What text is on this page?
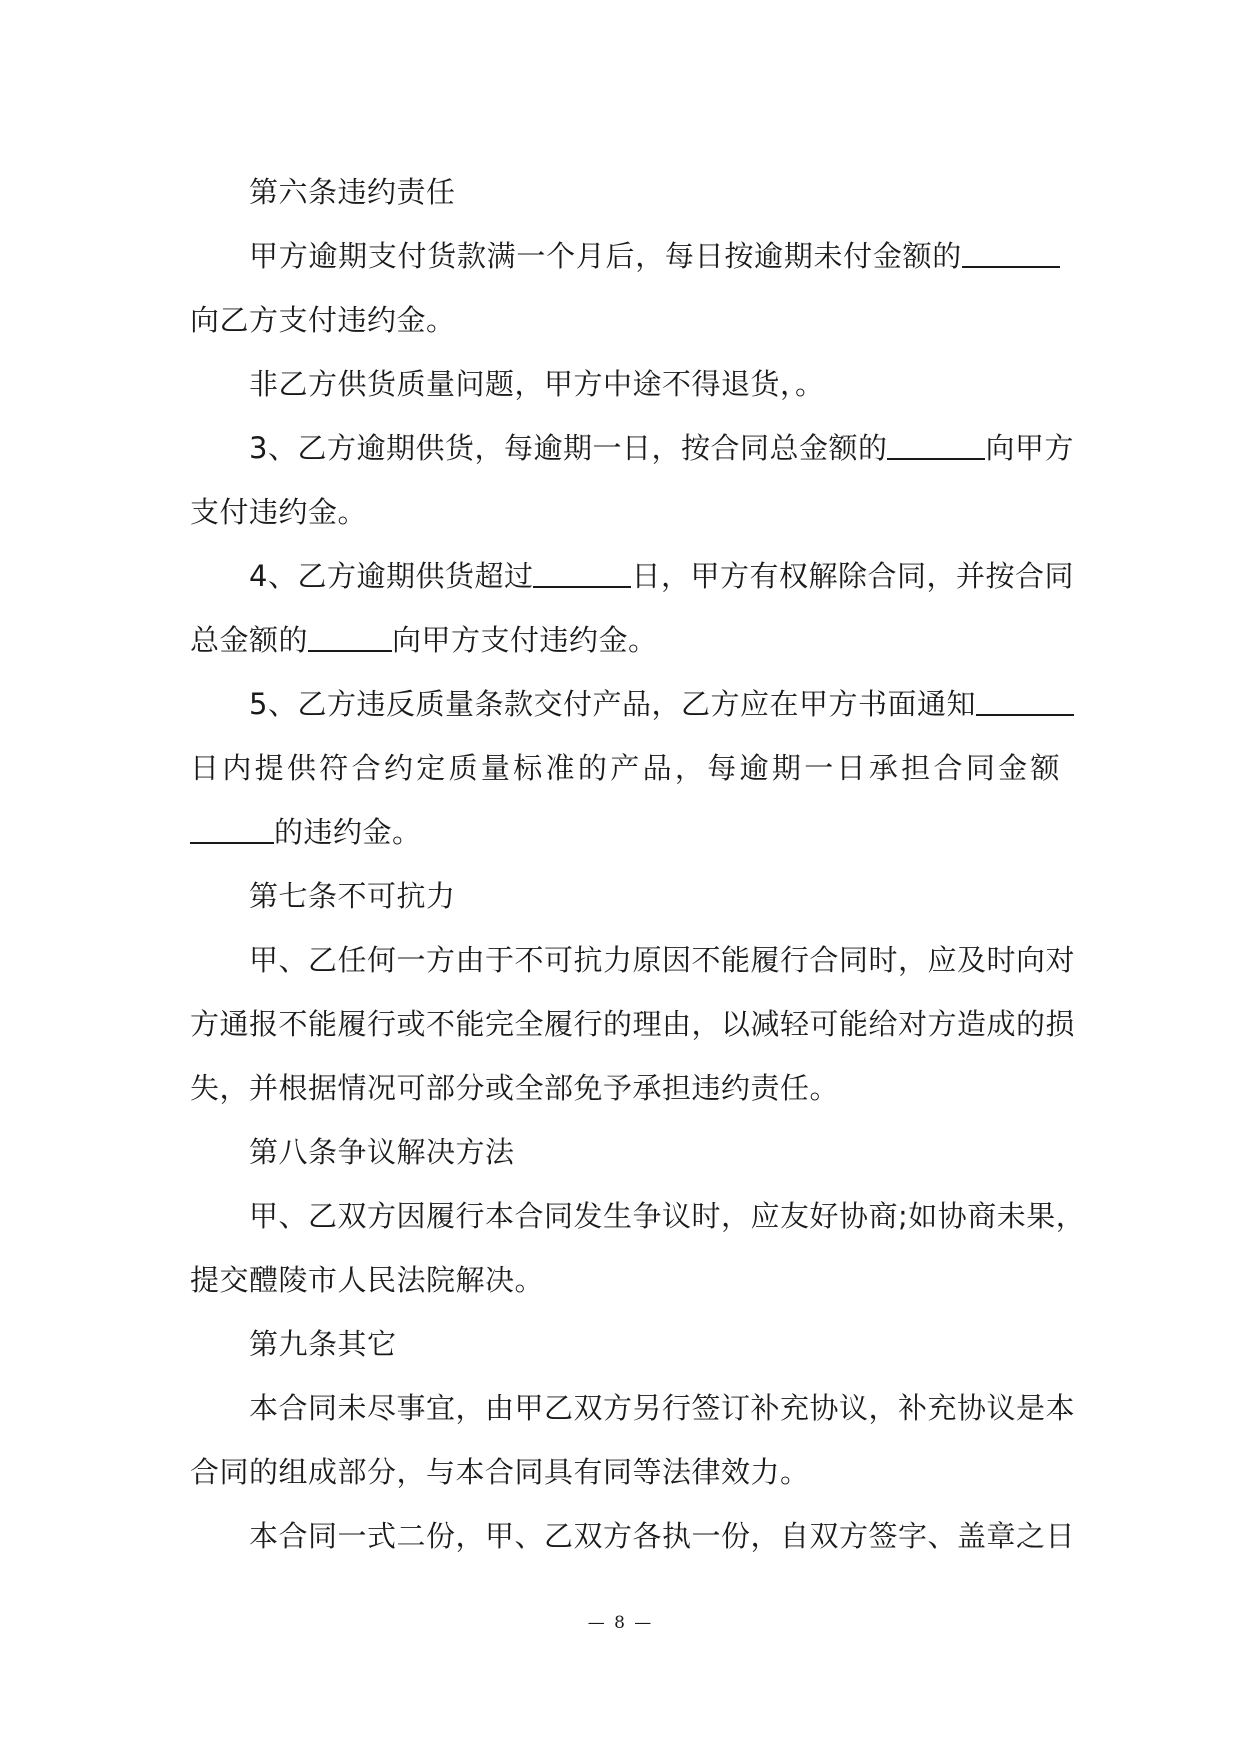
第六条违约责任
甲方逾期支付货款满一个月后，每日按逾期未付金额的
向乙方支付违约金。
非乙方供货质量问题，甲方中途不得退货，。
3、乙方逾期供货，每逾期一日，按合同总金额的	向甲方
支付违约金。
4、乙方逾期供货超过	日，甲方有权解除合同，并按合同
总金额的	向甲方支付违约金。
5、乙方违反质量条款交付产品，乙方应在甲方书面通知
日内提供符合约定质量标准的产品，每逾期一日承担合同金额
的违约金。
第七条不可抗力
甲、乙任何一方由于不可抗力原因不能履行合同时，应及时向对
方通报不能履行或不能完全履行的理由，以减轻可能给对方造成的损
失，并根据情况可部分或全部免予承担违约责任。
第八条争议解决方法
甲、乙双方因履行本合同发生争议时，应友好协商;如协商未果，
提交醴陵市人民法院解决。
第九条其它
本合同未尽事宜，由甲乙双方另行签订补充协议，补充协议是本
合同的组成部分，与本合同具有同等法律效力。
本合同一式二份，甲、乙双方各执一份，自双方签字、盖章之日
— 8 —
